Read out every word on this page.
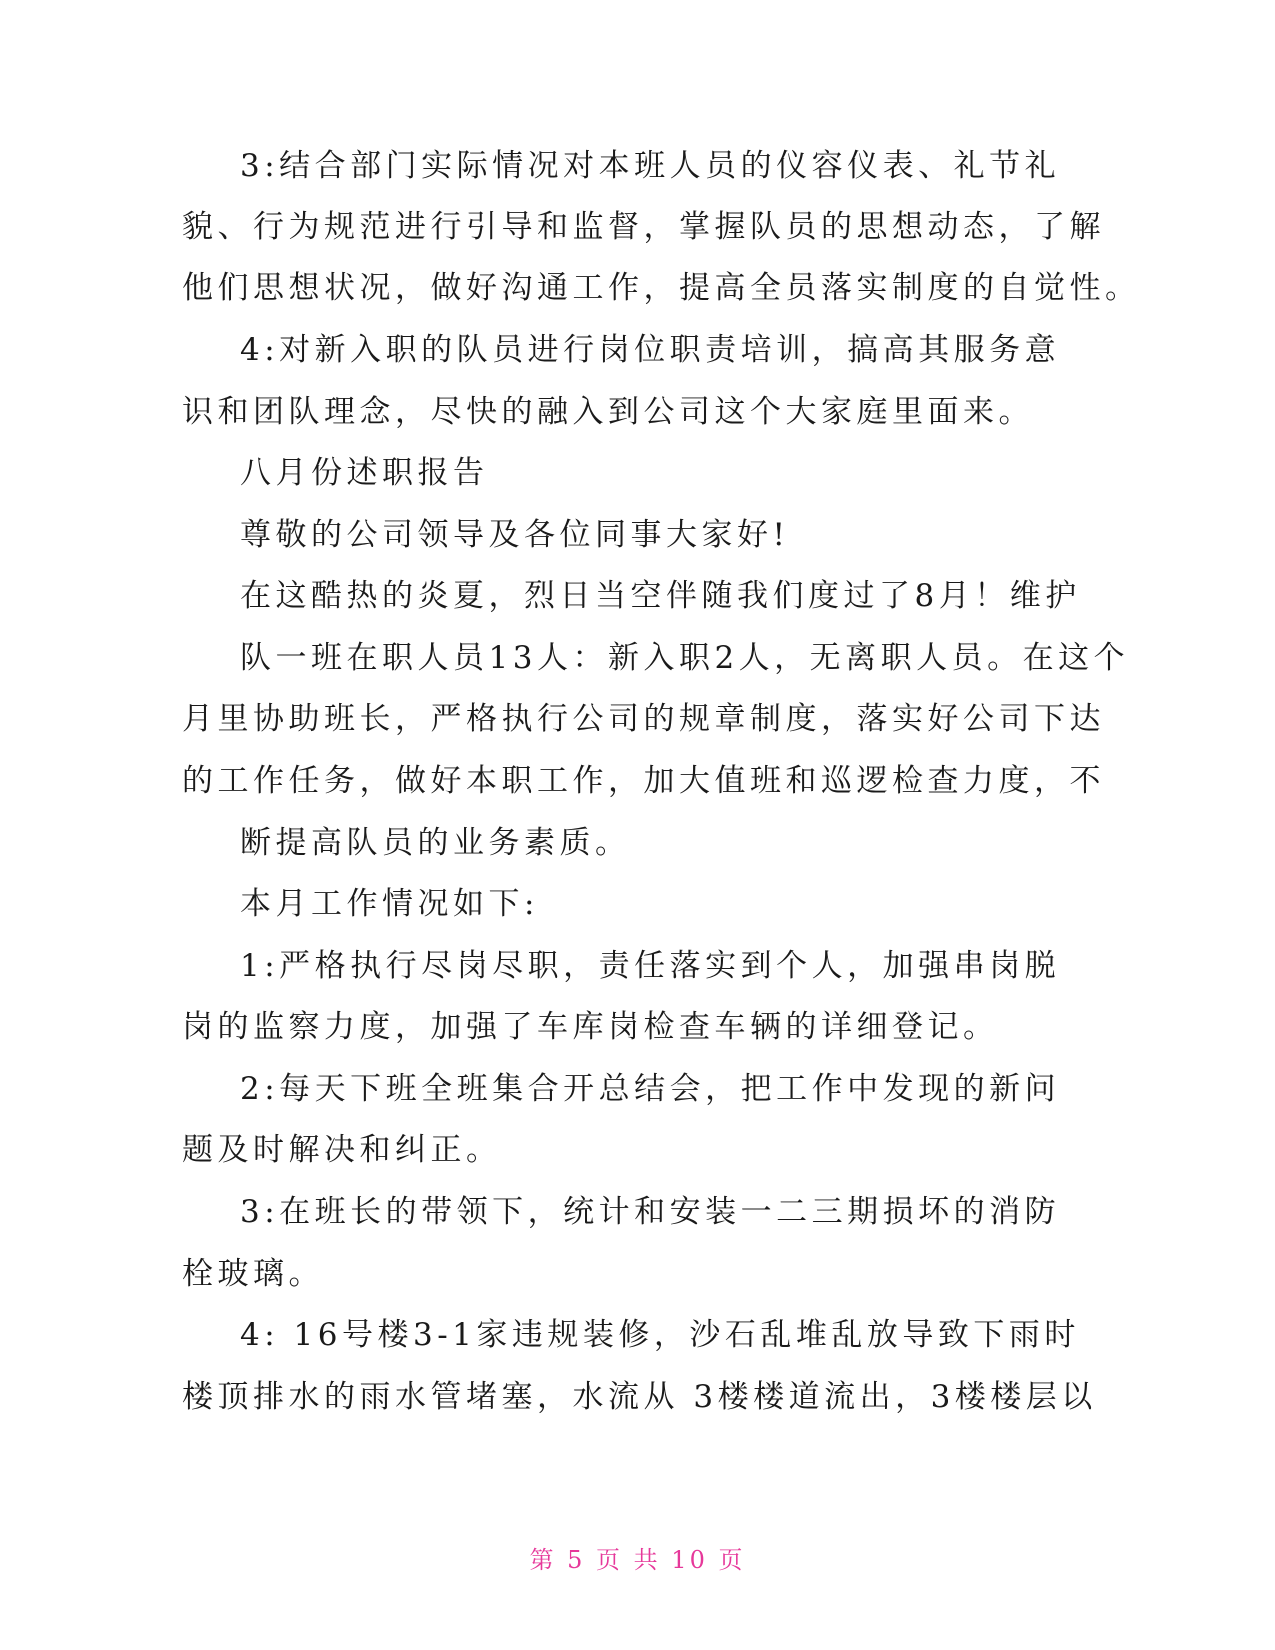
3:结合部门实际情况对本班人员的仪容仪表、礼节礼
貌、行为规范进行引导和监督，掌握队员的思想动态，了解
他们思想状况，做好沟通工作，提高全员落实制度的自觉性。
4:对新入职的队员进行岗位职责培训，搞高其服务意
识和团队理念，尽快的融入到公司这个大家庭里面来。
八月份述职报告
尊敬的公司领导及各位同事大家好!
在这酷热的炎夏，烈日当空伴随我们度过了8月！维护
队一班在职人员13人：新入职2人，无离职人员。在这个
月里协助班长，严格执行公司的规章制度，落实好公司下达
的工作任务，做好本职工作，加大值班和巡逻检查力度，不
断提高队员的业务素质。
本月工作情况如下:
1:严格执行尽岗尽职，责任落实到个人，加强串岗脱
岗的监察力度，加强了车库岗检查车辆的详细登记。
2:每天下班全班集合开总结会，把工作中发现的新问
题及时解决和纠正。
3:在班长的带领下，统计和安装一二三期损坏的消防
栓玻璃。
4: 16号楼3-1家违规装修，沙石乱堆乱放导致下雨时
楼顶排水的雨水管堵塞，水流从 3楼楼道流出，3楼楼层以
第 5 页 共 10 页
